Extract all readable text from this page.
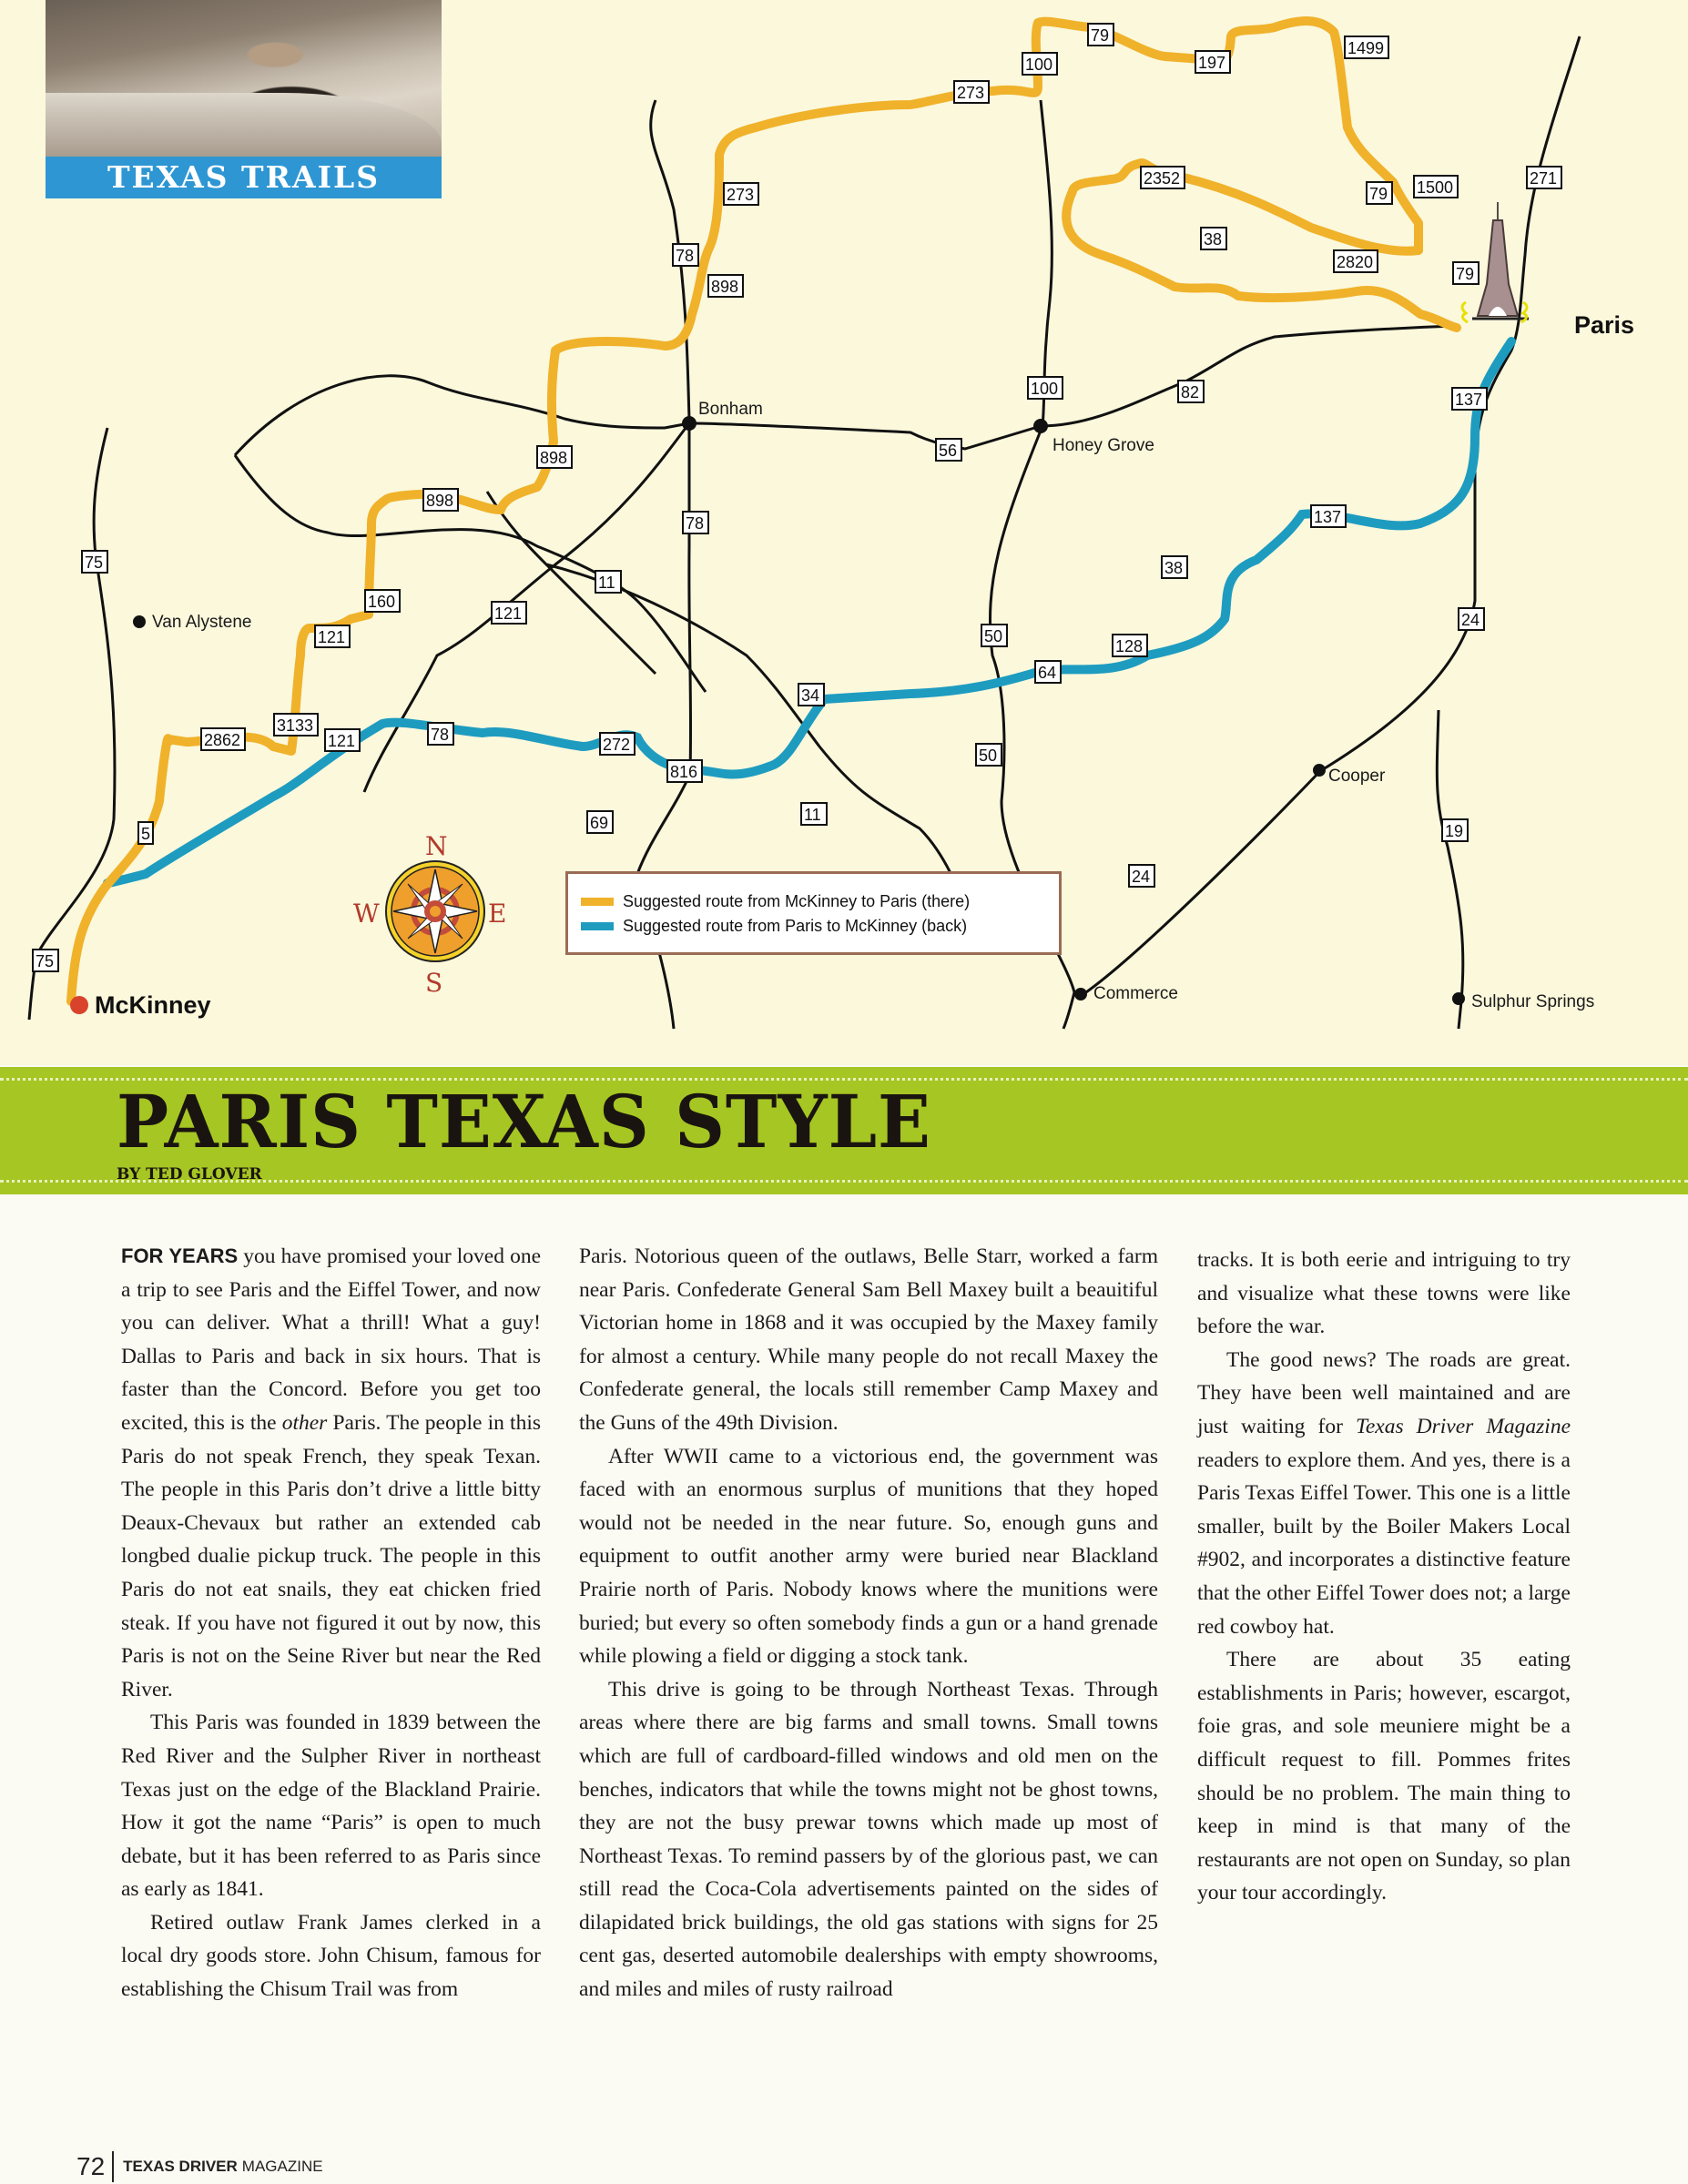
Van Alystene
Bonham
Honey Grove
Cooper
Commerce	Sulphur Springs
McKinney
Paris
75
75
5
2862
3133
121
160
898
898
898
78
273
273
100
79
197
1499
2352
79 1500
38
2820
79
271
100	82	137
137
56
78
11
121
121	78
272
816
34
64
128
38
50
50
11
69
24
24
19
N
S
E
W
TEXAS TRAILS
Suggested route from McKinney to Paris (there)
Suggested route from Paris to McKinney (back)
PARIS TEXAS STYLE
BY TED GLOVER

FOR YEARS you have promised your loved one a trip to see Paris and the Eiffel Tower, and now you can deliver. What a thrill! What a guy! Dallas to Paris and back in six hours. That is faster than the Concord. Before you get too excited, this is the other Paris. The people in this Paris do not speak French, they speak Texan. The people in this Paris don’t drive a little bitty Deaux-Chevaux but rather an extended cab longbed dualie pickup truck. The people in this Paris do not eat snails, they eat chicken fried steak. If you have not figured it out by now, this Paris is not on the Seine River but near the Red River.

This Paris was founded in 1839 between the Red River and the Sulpher River in northeast Texas just on the edge of the Blackland Prairie. How it got the name “Paris” is open to much debate, but it has been referred to as Paris since as early as 1841.

Retired outlaw Frank James clerked in a local dry goods store. John Chisum, famous for establishing the Chisum Trail was from

Paris. Notorious queen of the outlaws, Belle Starr, worked a farm near Paris. Confederate General Sam Bell Maxey built a beauitiful Victorian home in 1868 and it was occupied by the Maxey family for almost a century. While many people do not recall Maxey the Confederate general, the locals still remember Camp Maxey and the Guns of the 49th Division.

After WWII came to a victorious end, the government was faced with an enormous surplus of munitions that they hoped would not be needed in the near future. So, enough guns and equipment to outfit another army were buried near Blackland Prairie north of Paris. Nobody knows where the munitions were buried; but every so often somebody finds a gun or a hand grenade while plowing a field or digging a stock tank.

This drive is going to be through Northeast Texas. Through areas where there are big farms and small towns. Small towns which are full of cardboard-filled windows and old men on the benches, indicators that while the towns might not be ghost towns, they are not the busy prewar towns which made up most of Northeast Texas. To remind passers by of the glorious past, we can still read the Coca-Cola advertisements painted on the sides of dilapidated brick buildings, the old gas stations with signs for 25 cent gas, deserted automobile dealerships with empty showrooms, and miles and miles of rusty railroad

tracks. It is both eerie and intriguing to try and visualize what these towns were like before the war.

The good news? The roads are great. They have been well maintained and are just waiting for Texas Driver Magazine readers to explore them. And yes, there is a Paris Texas Eiffel Tower. This one is a little smaller, built by the Boiler Makers Local #902, and incorporates a distinctive feature that the other Eiffel Tower does not; a large red cowboy hat.

There are about 35 eating establishments in Paris; however, escargot, foie gras, and sole meuniere might be a difficult request to fill. Pommes frites should be no problem. The main thing to keep in mind is that many of the restaurants are not open on Sunday, so plan your tour accordingly.

72	TEXAS DRIVER MAGAZINE
